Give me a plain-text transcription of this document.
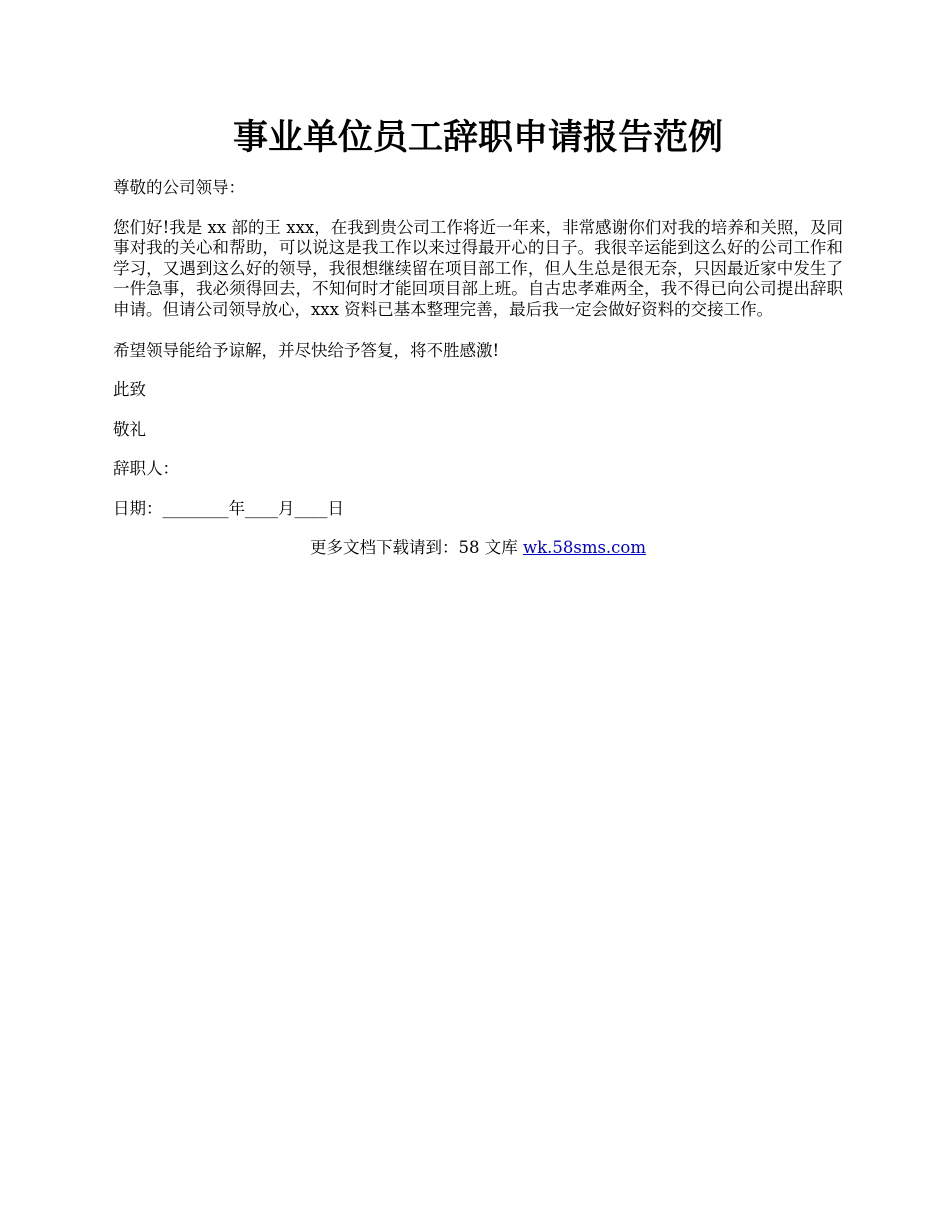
事业单位员工辞职申请报告范例

尊敬的公司领导：

您们好!我是 xx 部的王 xxx，在我到贵公司工作将近一年来，非常感谢你们对我的培养和关照，及同事对我的关心和帮助，可以说这是我工作以来过得最开心的日子。我很辛运能到这么好的公司工作和学习，又遇到这么好的领导，我很想继续留在项目部工作，但人生总是很无奈，只因最近家中发生了一件急事，我必须得回去，不知何时才能回项目部上班。自古忠孝难两全，我不得已向公司提出辞职申请。但请公司领导放心，xxx 资料已基本整理完善，最后我一定会做好资料的交接工作。

希望领导能给予谅解，并尽快给予答复，将不胜感激!

此致

敬礼

辞职人：

日期：________年____月____日

更多文档下载请到：58 文库 wk.58sms.com
